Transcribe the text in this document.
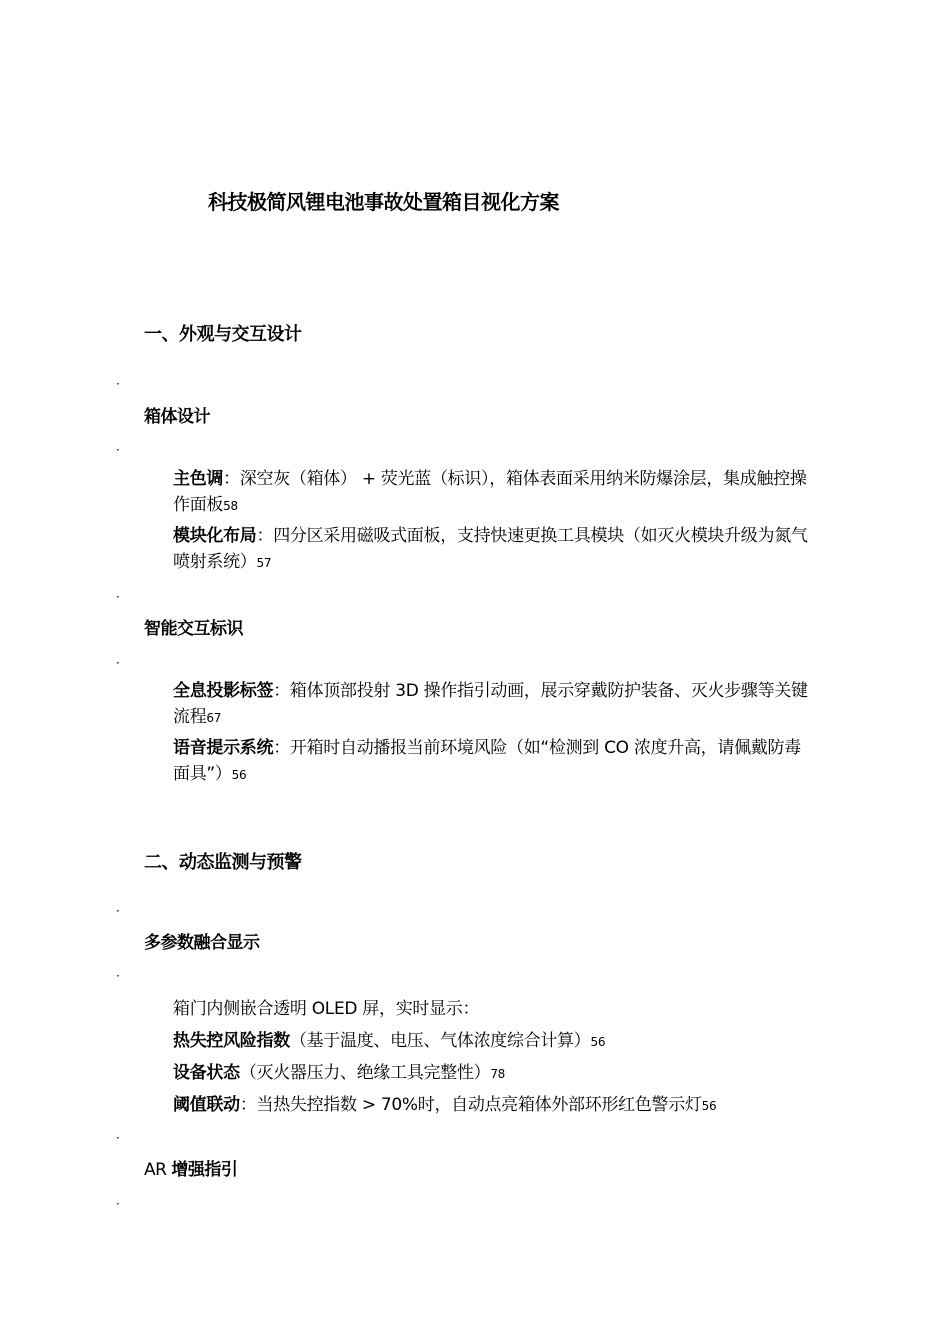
科技极简风锂电池事故处置箱目视化方案
一、外观与交互设计
·
箱体设计
·
主色调：深空灰（箱体） + 荧光蓝（标识），箱体表面采用纳米防爆涂层，集成触控操作面板58
模块化布局：四分区采用磁吸式面板，支持快速更换工具模块（如灭火模块升级为氮气喷射系统）57
·
智能交互标识
·
全息投影标签：箱体顶部投射 3D 操作指引动画，展示穿戴防护装备、灭火步骤等关键流程67
语音提示系统：开箱时自动播报当前环境风险（如“检测到 CO 浓度升高，请佩戴防毒面具”）56
二、动态监测与预警
·
多参数融合显示
·
箱门内侧嵌合透明 OLED 屏，实时显示：
热失控风险指数（基于温度、电压、气体浓度综合计算）56
设备状态（灭火器压力、绝缘工具完整性）78
阈值联动：当热失控指数 > 70%时，自动点亮箱体外部环形红色警示灯56
·
AR 增强指引
·
